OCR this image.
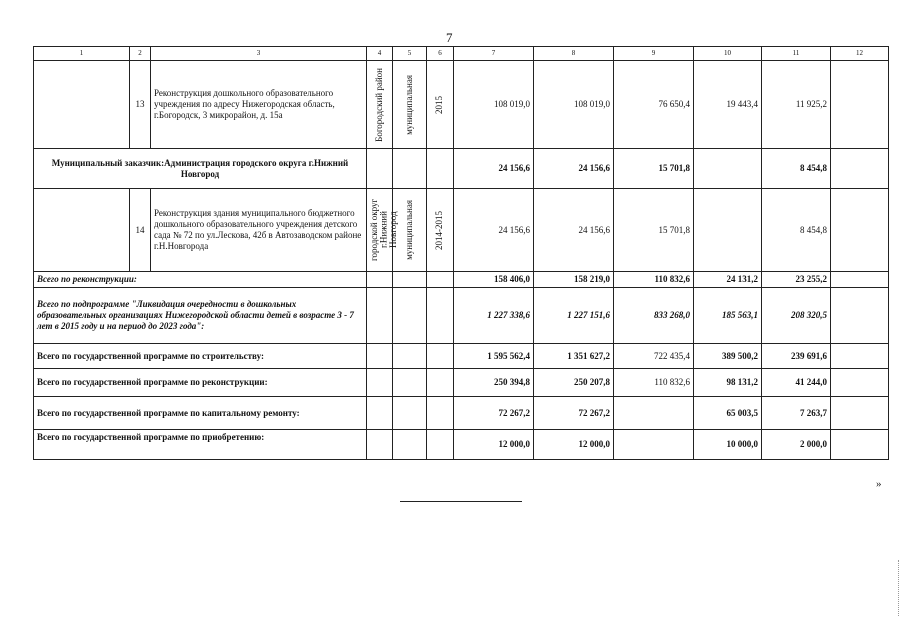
7
1	2	3	4	5	6	7	8	9	10	11	12
	13	Реконструкция дошкольного образовательного учреждения по адресу Нижегородская область, г.Богородск, 3 микрорайон, д. 15а	Богородский район	муниципальная	2015	108 019,0	108 019,0	76 650,4	19 443,4	11 925,2	
Муниципальный заказчик:Администрация городского округа г.Нижний Новгород						24 156,6	24 156,6	15 701,8		8 454,8	
	14	Реконструкция здания муниципального бюджетного дошкольного образовательного учреждения детского сада № 72 по ул.Лескова, 42б в Автозаводском районе г.Н.Новгорода	городской округ г.Нижний Новгород	муниципальная	2014-2015	24 156,6	24 156,6	15 701,8		8 454,8	
Всего по реконструкции:						158 406,0	158 219,0	110 832,6	24 131,2	23 255,2	
Всего по подпрограмме "Ликвидация очередности в дошкольных образовательных организациях Нижегородской области детей в возрасте 3 - 7 лет в 2015 году и на период до 2023 года":						1 227 338,6	1 227 151,6	833 268,0	185 563,1	208 320,5	
Всего по государственной программе по строительству:						1 595 562,4	1 351 627,2	722 435,4	389 500,2	239 691,6	
Всего по государственной программе по реконструкции:						250 394,8	250 207,8	110 832,6	98 131,2	41 244,0	
Всего по государственной программе по капитальному ремонту:						72 267,2	72 267,2		65 003,5	7 263,7	
Всего по государственной программе по приобретению:						12 000,0	12 000,0		10 000,0	2 000,0	
»
